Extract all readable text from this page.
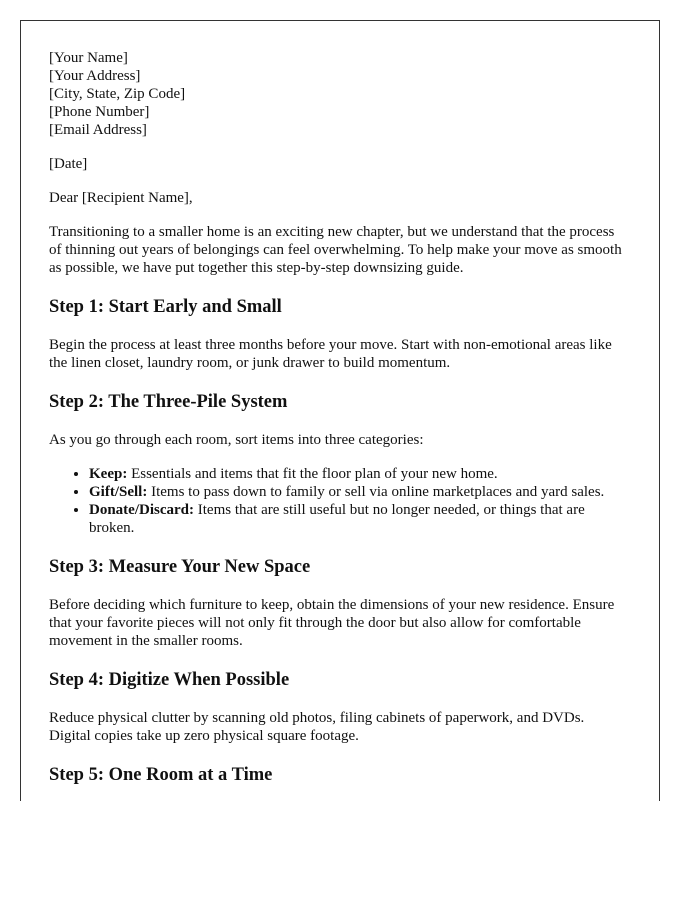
[Your Name]
[Your Address]
[City, State, Zip Code]
[Phone Number]
[Email Address]

[Date]

Dear [Recipient Name],

Transitioning to a smaller home is an exciting new chapter, but we understand that the process of thinning out years of belongings can feel overwhelming. To help make your move as smooth as possible, we have put together this step-by-step downsizing guide.

Step 1: Start Early and Small

Begin the process at least three months before your move. Start with non-emotional areas like the linen closet, laundry room, or junk drawer to build momentum.

Step 2: The Three-Pile System

As you go through each room, sort items into three categories:

• Keep: Essentials and items that fit the floor plan of your new home.
• Gift/Sell: Items to pass down to family or sell via online marketplaces and yard sales.
• Donate/Discard: Items that are still useful but no longer needed, or things that are broken.
Step 3: Measure Your New Space

Before deciding which furniture to keep, obtain the dimensions of your new residence. Ensure that your favorite pieces will not only fit through the door but also allow for comfortable movement in the smaller rooms.

Step 4: Digitize When Possible

Reduce physical clutter by scanning old photos, filing cabinets of paperwork, and DVDs. Digital copies take up zero physical square footage.

Step 5: One Room at a Time
